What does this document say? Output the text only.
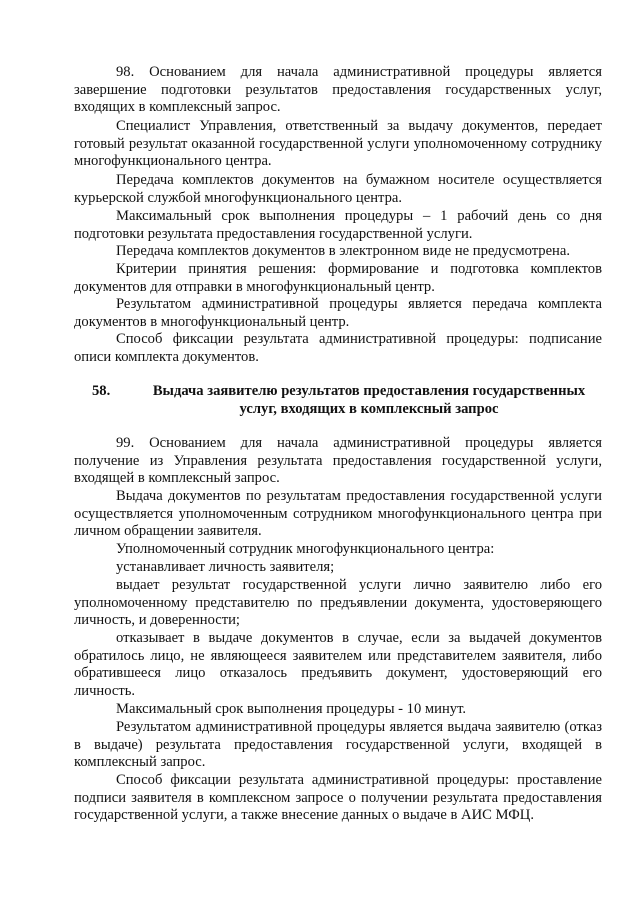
98. Основанием для начала административной процедуры является завершение подготовки результатов предоставления государственных услуг, входящих в комплексный запрос.

Специалист Управления, ответственный за выдачу документов, передает готовый результат оказанной государственной услуги уполномоченному сотруднику многофункционального центра.

Передача комплектов документов на бумажном носителе осуществляется курьерской службой многофункционального центра.

Максимальный срок выполнения процедуры – 1 рабочий день со дня подготовки результата предоставления государственной услуги.

Передача комплектов документов в электронном виде не предусмотрена.

Критерии принятия решения: формирование и подготовка комплектов документов для отправки в многофункциональный центр.

Результатом административной процедуры является передача комплекта документов в многофункциональный центр.

Способ фиксации результата административной процедуры: подписание описи комплекта документов.

58.	Выдача заявителю результатов предоставления государственных услуг, входящих в комплексный запрос

99. Основанием для начала административной процедуры является получение из Управления результата предоставления государственной услуги, входящей в комплексный запрос.

Выдача документов по результатам предоставления государственной услуги осуществляется уполномоченным сотрудником многофункционального центра при личном обращении заявителя.

Уполномоченный сотрудник многофункционального центра:

устанавливает личность заявителя;

выдает результат государственной услуги лично заявителю либо его уполномоченному представителю по предъявлении документа, удостоверяющего личность, и доверенности;

отказывает в выдаче документов в случае, если за выдачей документов обратилось лицо, не являющееся заявителем или представителем заявителя, либо обратившееся лицо отказалось предъявить документ, удостоверяющий его личность.

Максимальный срок выполнения процедуры - 10 минут.

Результатом административной процедуры является выдача заявителю (отказ в выдаче) результата предоставления государственной услуги, входящей в комплексный запрос.

Способ фиксации результата административной процедуры: проставление подписи заявителя в комплексном запросе о получении результата предоставления государственной услуги, а также внесение данных о выдаче в АИС МФЦ.
